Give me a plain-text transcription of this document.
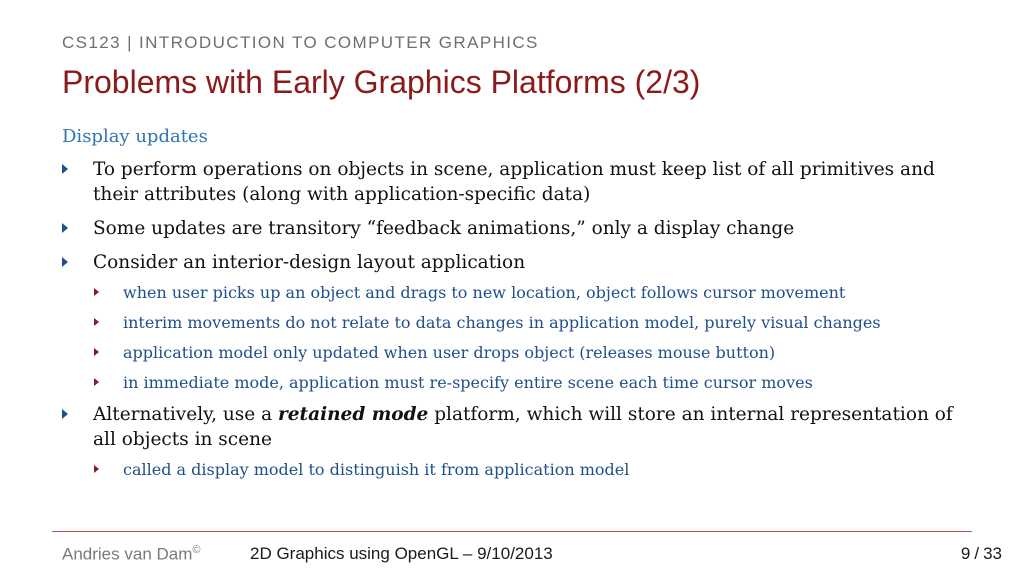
CS123 | INTRODUCTION TO COMPUTER GRAPHICS
Problems with Early Graphics Platforms (2/3)
Display updates
To perform operations on objects in scene, application must keep list of all primitives and their attributes (along with application-specific data)
Some updates are transitory “feedback animations,” only a display change
Consider an interior-design layout application
when user picks up an object and drags to new location, object follows cursor movement
interim movements do not relate to data changes in application model, purely visual changes
application model only updated when user drops object (releases mouse button)
in immediate mode, application must re-specify entire scene each time cursor moves
Alternatively, use a retained mode platform, which will store an internal representation of all objects in scene
called a display model to distinguish it from application model
Andries van Dam©	2D Graphics using OpenGL – 9/10/2013	9 / 33
